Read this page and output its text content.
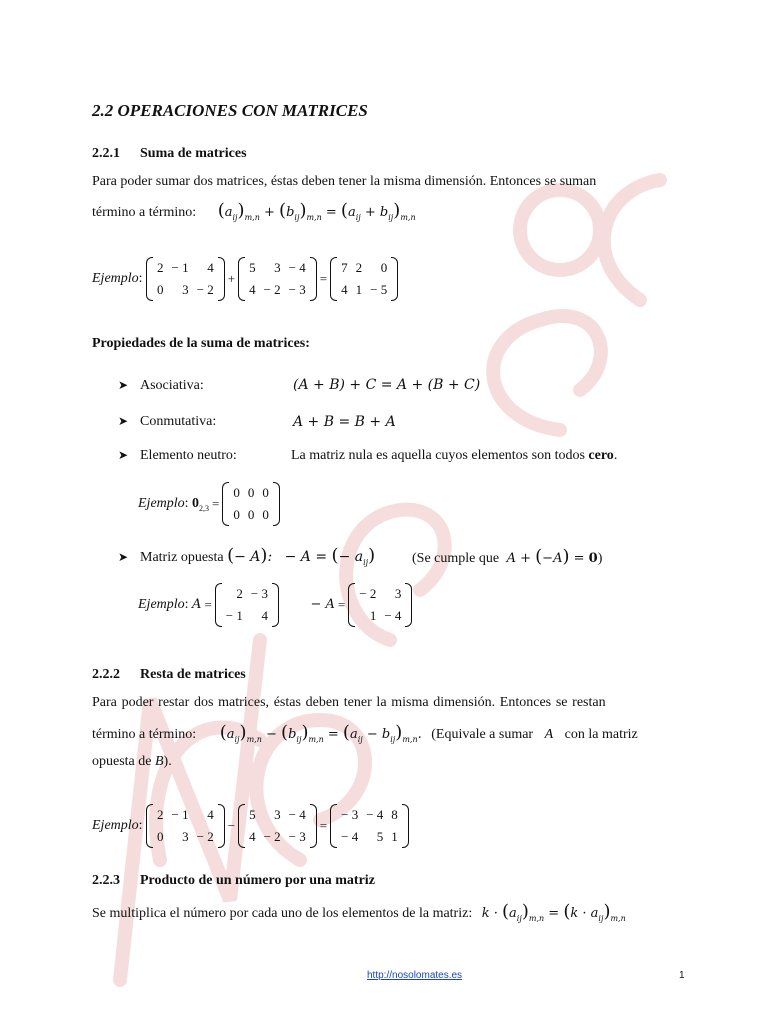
2.2 OPERACIONES CON MATRICES
2.2.1 Suma de matrices
Para poder sumar dos matrices, éstas deben tener la misma dimensión. Entonces se suman
término a término: $(a_{ij})_{m,n} + (b_{ij})_{m,n} = (a_{ij} + b_{ij})_{m,n}$
Ejemplo:
2	− 1	4
0	3	− 2
+
5	3	− 4
4	− 2	− 3
=
7	2	0
4	1	− 5
Propiedades de la suma de matrices:
➤ Asociativa:	(A + B) + C = A + (B + C)
➤ Conmutativa:	A + B = B + A
➤ Elemento neutro:	La matriz nula es aquella cuyos elementos son todos cero.
Ejemplo: $0_{2,3}$ =
0	0	0
0	0	0
➤ Matriz opuesta (− A): − A = (− $a_{ij}$)	(Se cumple que A + (−A) = 0)
Ejemplo: A =
2	− 3
− 1	4
− A =
− 2	3
1	− 4
2.2.2 Resta de matrices
Para poder restar dos matrices, éstas deben tener la misma dimensión. Entonces se restan
término a término: $(a_{ij})_{m,n} - (b_{ij})_{m,n} = (a_{ij} - b_{ij})_{m,n}$. (Equivale a sumar A con la matriz
opuesta de B).
Ejemplo:
2	− 1	4
0	3	− 2
−
5	3	− 4
4	− 2	− 3
=
− 3	− 4	8
− 4	5	1
2.2.3 Producto de un número por una matriz
Se multiplica el número por cada uno de los elementos de la matriz: $k \cdot (a_{ij})_{m,n} = (k \cdot a_{ij})_{m,n}$
http://nosolomates.es	1
